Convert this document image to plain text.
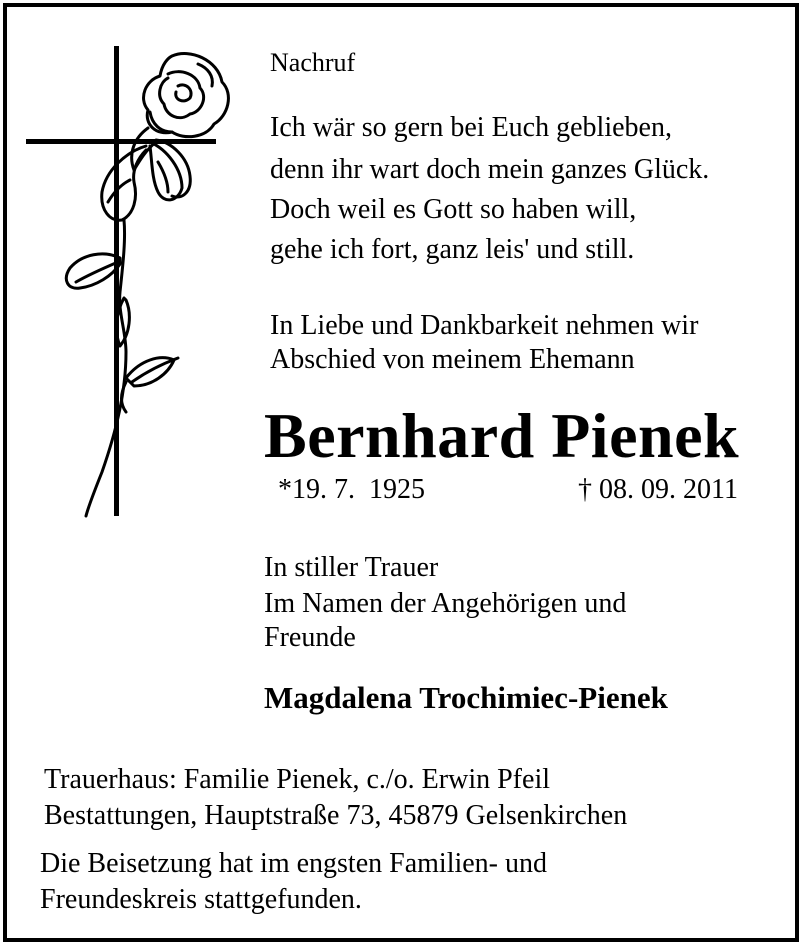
Nachruf
Ich wär so gern bei Euch geblieben,
denn ihr wart doch mein ganzes Glück.
Doch weil es Gott so haben will,
gehe ich fort, ganz leis' und still.
In Liebe und Dankbarkeit nehmen wir
Abschied von meinem Ehemann
Bernhard Pienek
*19. 7.  1925	† 08. 09. 2011
In stiller Trauer
Im Namen der Angehörigen und
Freunde
Magdalena Trochimiec-Pienek
Trauerhaus: Familie Pienek, c./o. Erwin Pfeil
Bestattungen, Hauptstraße 73, 45879 Gelsenkirchen
Die Beisetzung hat im engsten Familien- und
Freundeskreis stattgefunden.
